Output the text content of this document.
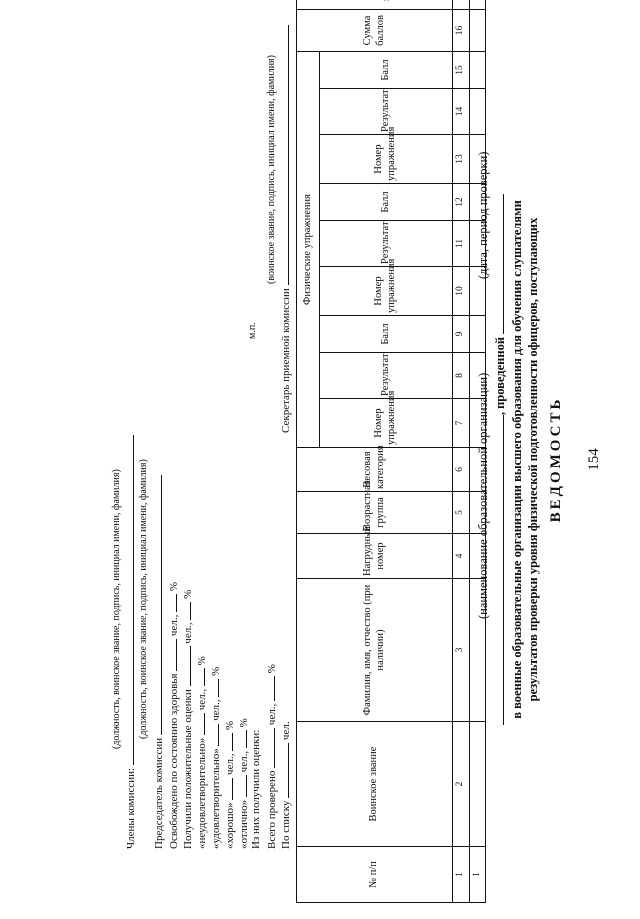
154
ВЕДОМОСТЬ
результатов проверки уровня физической подготовленности офицеров, поступающих
в военные образовательные организации высшего образования для обучения слушателями
, проведенной
(наименование образовательной организации)
(дата, период проверки)
№ п/п	Воинское звание	Фамилия, имя, отчество (при наличии)	Нагрудный номер	Возрастная группа	Весовая категория	Физические упражнения									Сумма баллов		
						Номер упражнения	Результат	Балл	Номер упражнения	Результат	Балл	Номер упражнения	Результат	Балл			
1	2	3	4	5	6	7	8	9	10	11	12	13	14	15	16		
1																	
По списку  чел.
Всего проверено  чел.,  %
Из них получили оценки:
«отлично»  чел.,  %
«хорошо»  чел.,  %
«удовлетворительно»  чел.,  %
«неудовлетворительно»  чел.,  %
Получили положительные оценки  чел.,  %
Освобождено по состоянию здоровья  чел.,  %
Председатель комиссии
(должность, воинское звание, подпись, инициал имени, фамилия)
Члены комиссии:
(должность, воинское звание, подпись, инициал имени, фамилия)
Секретарь приемной комиссии
(воинское звание, подпись, инициал имени, фамилия)
м.п.
